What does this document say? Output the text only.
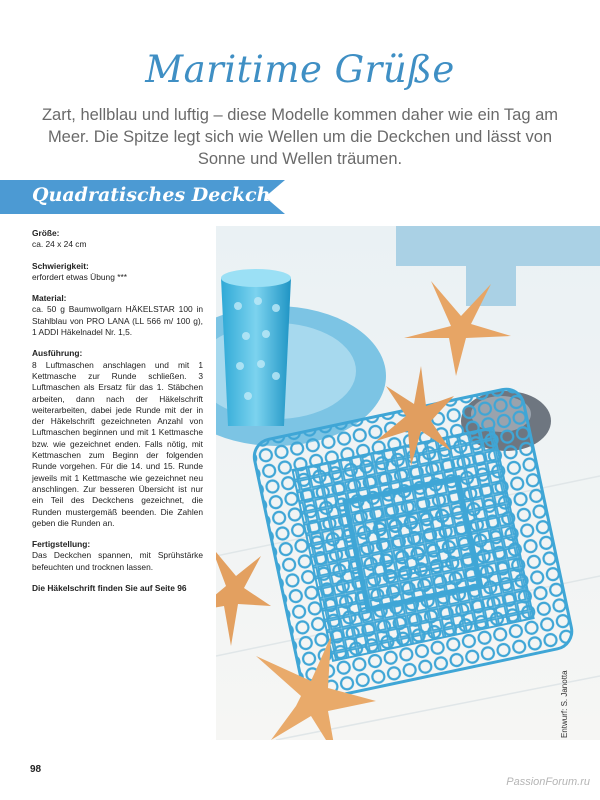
Maritime Grüße
Zart, hellblau und luftig – diese Modelle kommen daher wie ein Tag am Meer. Die Spitze legt sich wie Wellen um die Deckchen und lässt von Sonne und Wellen träumen.
Quadratisches Deckchen
Größe:
ca. 24 x 24 cm
Schwierigkeit:
erfordert etwas Übung ***
Material:
ca. 50 g Baumwollgarn HÄKELSTAR 100 in Stahlblau von PRO LANA (LL 566 m/ 100 g), 1 ADDI Häkelnadel Nr. 1,5.
Ausführung:
8 Luftmaschen anschlagen und mit 1 Kettmasche zur Runde schließen. 3 Luftmaschen als Ersatz für das 1. Stäbchen arbeiten, dann nach der Häkelschrift weiterarbeiten, dabei jede Runde mit der in der Häkelschrift gezeichneten Anzahl von Luftmaschen beginnen und mit 1 Kettmasche bzw. wie gezeichnet enden. Falls nötig, mit Kettmaschen zum Beginn der folgenden Runde vorgehen. Für die 14. und 15. Runde jeweils mit 1 Kettmasche wie gezeichnet neu anschlingen. Zur besseren Übersicht ist nur ein Teil des Deckchens gezeichnet, die Runden mustergemäß beenden. Die Zahlen geben die Runden an.
Fertigstellung:
Das Deckchen spannen, mit Sprühstärke befeuchten und trocknen lassen.
Die Häkelschrift finden Sie auf Seite 96
Entwurf: S. Janotta
98
PassionForum.ru
